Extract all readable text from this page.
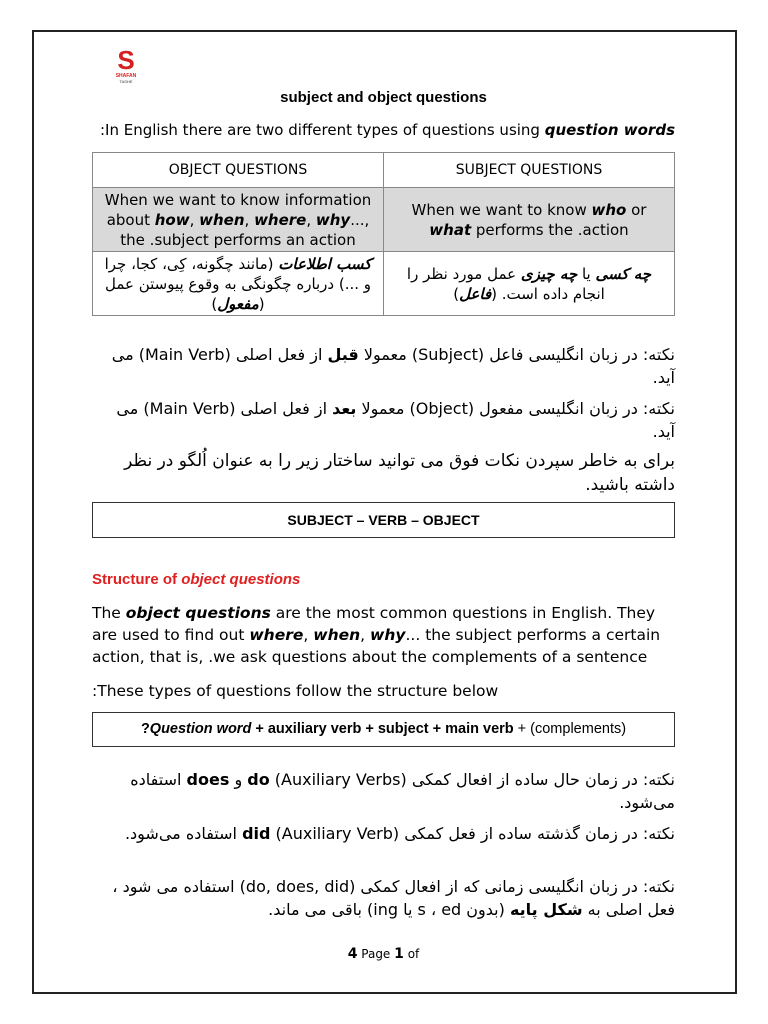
S
SHAFAN
TASHE
subject and object questions
:In English there are two different types of questions using question words
OBJECT QUESTIONS	SUBJECT QUESTIONS
When we want to know information about how, when, where, why..., the .subject performs an action	When we want to know who or what performs the .action
کسب اطلاعات (مانند چگونه، کِی، کجا، چرا و ...) درباره چگونگی به وقوع پیوستن عمل (مفعول)	چه کسی یا چه چیزی عمل مورد نظر را انجام داده است. (فاعل)
نکته: در زبان انگلیسی فاعل (Subject) معمولا قبل از فعل اصلی (Main Verb) می آید.
نکته: در زبان انگلیسی مفعول (Object) معمولا بعد از فعل اصلی (Main Verb) می آید.
برای به خاطر سپردن نکات فوق می توانید ساختار زیر را به عنوان اُلگو در نظر داشته باشید.
SUBJECT – VERB – OBJECT
Structure of object questions
The object questions are the most common questions in English. They are used to find out where, when, why... the subject performs a certain action, that is, .we ask questions about the complements of a sentence
:These types of questions follow the structure below
?Question word + auxiliary verb + subject + main verb + (complements)
نکته: در زمان حال ساده از افعال کمکی (Auxiliary Verbs) do و does استفاده می‌شود.
نکته: در زمان گذشته ساده از فعل کمکی (Auxiliary Verb) did استفاده می‌شود.
نکته: در زبان انگلیسی زمانی که از افعال کمکی (do, does, did) استفاده می شود ، فعل اصلی به شکل پایه (بدون s ، ed یا ing) باقی می ماند.
4 Page 1 of
